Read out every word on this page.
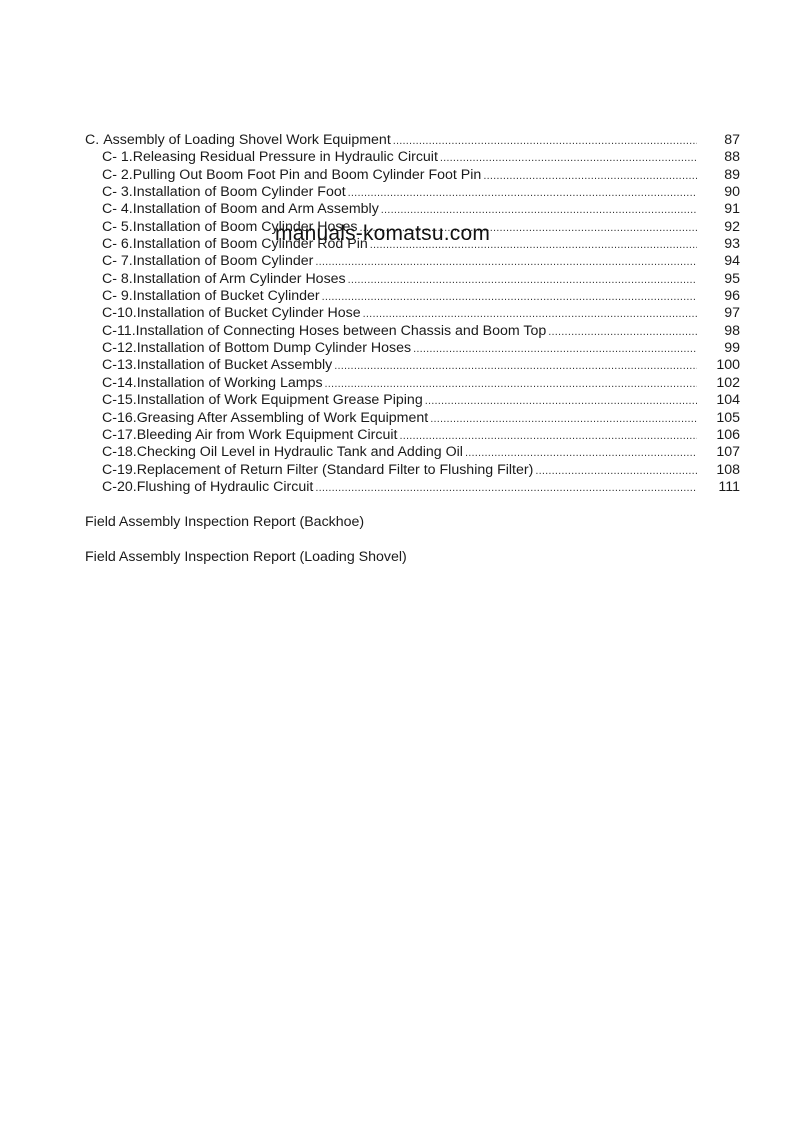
C. Assembly of Loading Shovel Work Equipment .....	87
C- 1. Releasing Residual Pressure in Hydraulic Circuit .....	88
C- 2. Pulling Out Boom Foot Pin and Boom Cylinder Foot Pin .....	89
C- 3. Installation of Boom Cylinder Foot .....	90
C- 4. Installation of Boom and Arm Assembly .....	91
C- 5. Installation of Boom Cylinder Hoses .....	92
C- 6. Installation of Boom Cylinder Rod Pin .....	93
C- 7. Installation of Boom Cylinder .....	94
C- 8. Installation of Arm Cylinder Hoses .....	95
C- 9. Installation of Bucket Cylinder .....	96
C-10. Installation of Bucket Cylinder Hose .....	97
C-11. Installation of Connecting Hoses between Chassis and Boom Top .....	98
C-12. Installation of Bottom Dump Cylinder Hoses .....	99
C-13. Installation of Bucket Assembly .....	100
C-14. Installation of Working Lamps .....	102
C-15. Installation of Work Equipment Grease Piping .....	104
C-16. Greasing After Assembling of Work Equipment .....	105
C-17. Bleeding Air from Work Equipment Circuit .....	106
C-18. Checking Oil Level in Hydraulic Tank and Adding Oil .....	107
C-19. Replacement of Return Filter (Standard Filter to Flushing Filter) .....	108
C-20. Flushing of Hydraulic Circuit .....	111
Field Assembly Inspection Report (Backhoe)
Field Assembly Inspection Report (Loading Shovel)
manuals-komatsu.com
